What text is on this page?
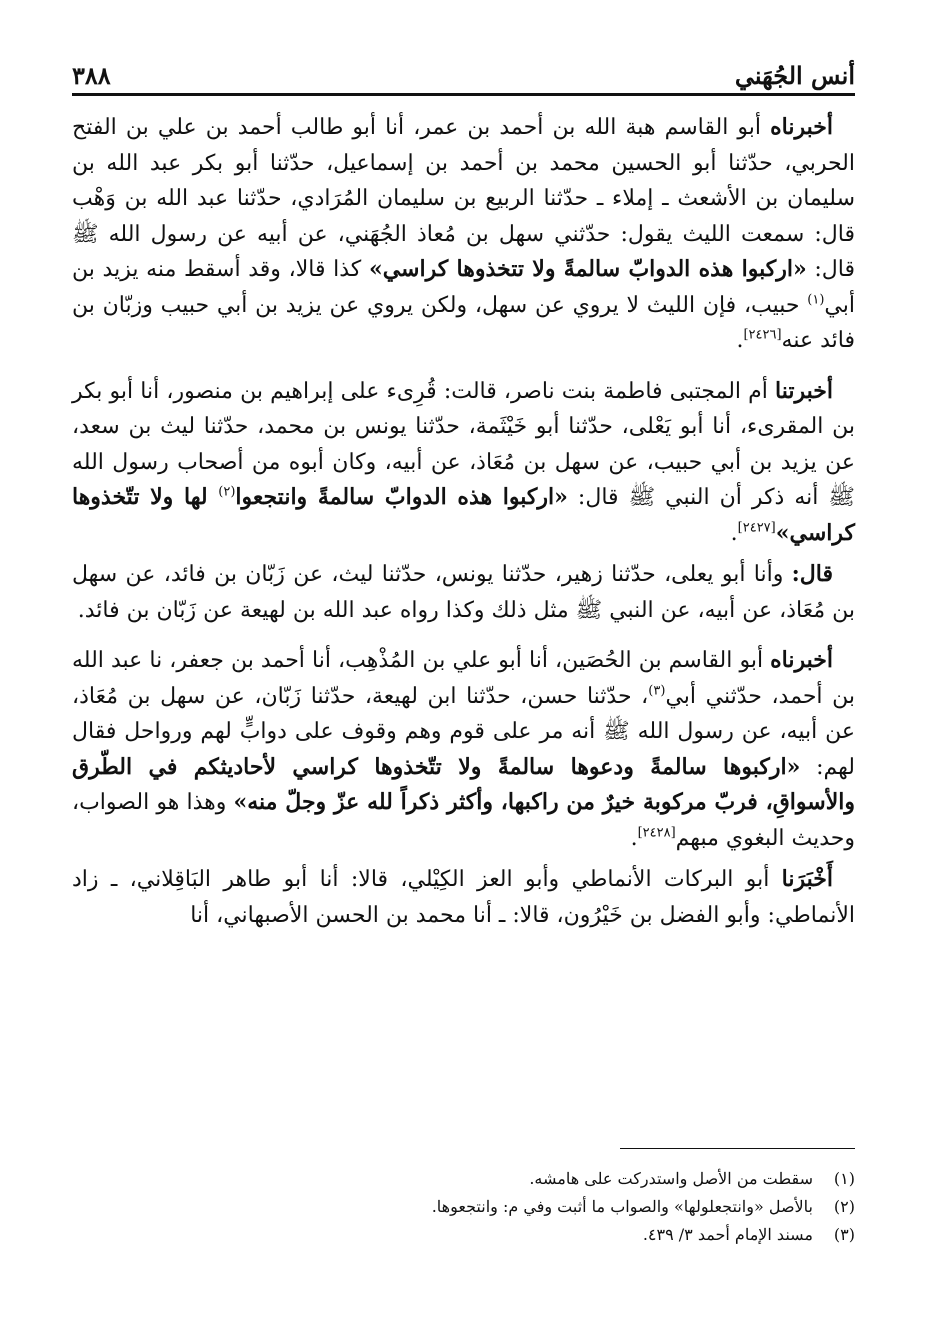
أنس الجُهَني
٣٨٨

أخبرناه أبو القاسم هبة الله بن أحمد بن عمر، أنا أبو طالب أحمد بن علي بن الفتح الحربي، حدّثنا أبو الحسين محمد بن أحمد بن إسماعيل، حدّثنا أبو بكر عبد الله بن سليمان بن الأشعث ـ إملاء ـ حدّثنا الربيع بن سليمان المُرَادي، حدّثنا عبد الله بن وَهْب قال: سمعت الليث يقول: حدّثني سهل بن مُعاذ الجُهَني، عن أبيه عن رسول الله ﷺ قال: «اركبوا هذه الدوابّ سالمةً ولا تتخذوها كراسي» كذا قالا، وقد أسقط منه يزيد بن أبي$^{(١)}$ حبيب، فإن الليث لا يروي عن سهل، ولكن يروي عن يزيد بن أبي حبيب وزبّان بن فائد عنه[٢٤٢٦].

أخبرتنا أم المجتبى فاطمة بنت ناصر، قالت: قُرِىء على إبراهيم بن منصور، أنا أبو بكر بن المقرىء، أنا أبو يَعْلى، حدّثنا أبو خَيْثَمة، حدّثنا يونس بن محمد، حدّثنا ليث بن سعد، عن يزيد بن أبي حبيب، عن سهل بن مُعَاذ، عن أبيه، وكان أبوه من أصحاب رسول الله ﷺ أنه ذكر أن النبي ﷺ قال: «اركبوا هذه الدوابّ سالمةً وانتجعوا$^{(٢)}$ لها ولا تتّخذوها كراسي»[٢٤٢٧].

قال: وأنا أبو يعلى، حدّثنا زهير، حدّثنا يونس، حدّثنا ليث، عن زَبّان بن فائد، عن سهل بن مُعَاذ، عن أبيه، عن النبي ﷺ مثل ذلك وكذا رواه عبد الله بن لهيعة عن زَبّان بن فائد.

أخبرناه أبو القاسم بن الحُصَين، أنا أبو علي بن المُذْهِب، أنا أحمد بن جعفر، نا عبد الله بن أحمد، حدّثني أبي$^{(٣)}$، حدّثنا حسن، حدّثنا ابن لهيعة، حدّثنا زَبّان، عن سهل بن مُعَاذ، عن أبيه، عن رسول الله ﷺ أنه مر على قوم وهم وقوف على دوابٍّ لهم ورواحل فقال لهم: «اركبوها سالمةً ودعوها سالمةً ولا تتّخذوها كراسي لأحاديثكم في الطّرق والأسواقِ، فربّ مركوبة خيرٌ من راكبها، وأكثر ذكراً لله عزّ وجلّ منه» وهذا هو الصواب، وحديث البغوي مبهم[٢٤٢٨].

أَخْبَرَنا أبو البركات الأنماطي وأبو العز الكِيْلي، قالا: أنا أبو طاهر البَاقِلاني، ـ زاد الأنماطي: وأبو الفضل بن خَيْرُون، قالا: ـ أنا محمد بن الحسن الأصبهاني، أنا

(١)
سقطت من الأصل واستدركت على هامشه.
(٢)
بالأصل «وانتجعلولها» والصواب ما أثبت وفي م: وانتجعوها.
(٣)
مسند الإمام أحمد ٣/ ٤٣٩.
